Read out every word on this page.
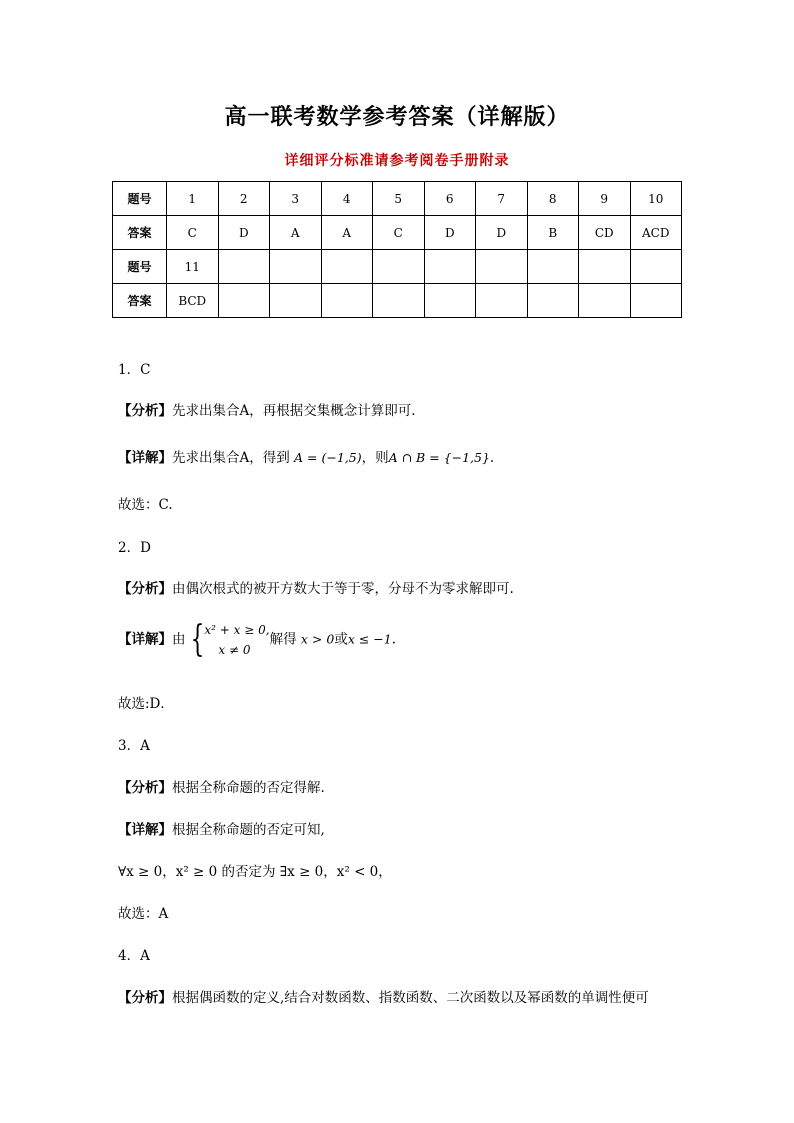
高一联考数学参考答案（详解版）
详细评分标准请参考阅卷手册附录
题号	1	2	3	4	5	6	7	8	9	10
答案	C	D	A	A	C	D	D	B	CD	ACD
题号	11									
答案	BCD									
1．C
【分析】先求出集合A，再根据交集概念计算即可.
【详解】先求出集合A，得到 A = (−1,5)，则A ∩ B = {−1,5}.
故选：C.
2．D
【分析】由偶次根式的被开方数大于等于零，分母不为零求解即可.
【详解】由 { x² + x ≥ 0,
x ≠ 0
解得 x > 0或x ≤ −1.
故选:D．
3．A
【分析】根据全称命题的否定得解.
【详解】根据全称命题的否定可知,
∀x ≥ 0，x² ≥ 0 的否定为 ∃x ≥ 0，x² < 0，
故选：A
4．A
【分析】根据偶函数的定义,结合对数函数、指数函数、二次函数以及幂函数的单调性便可
